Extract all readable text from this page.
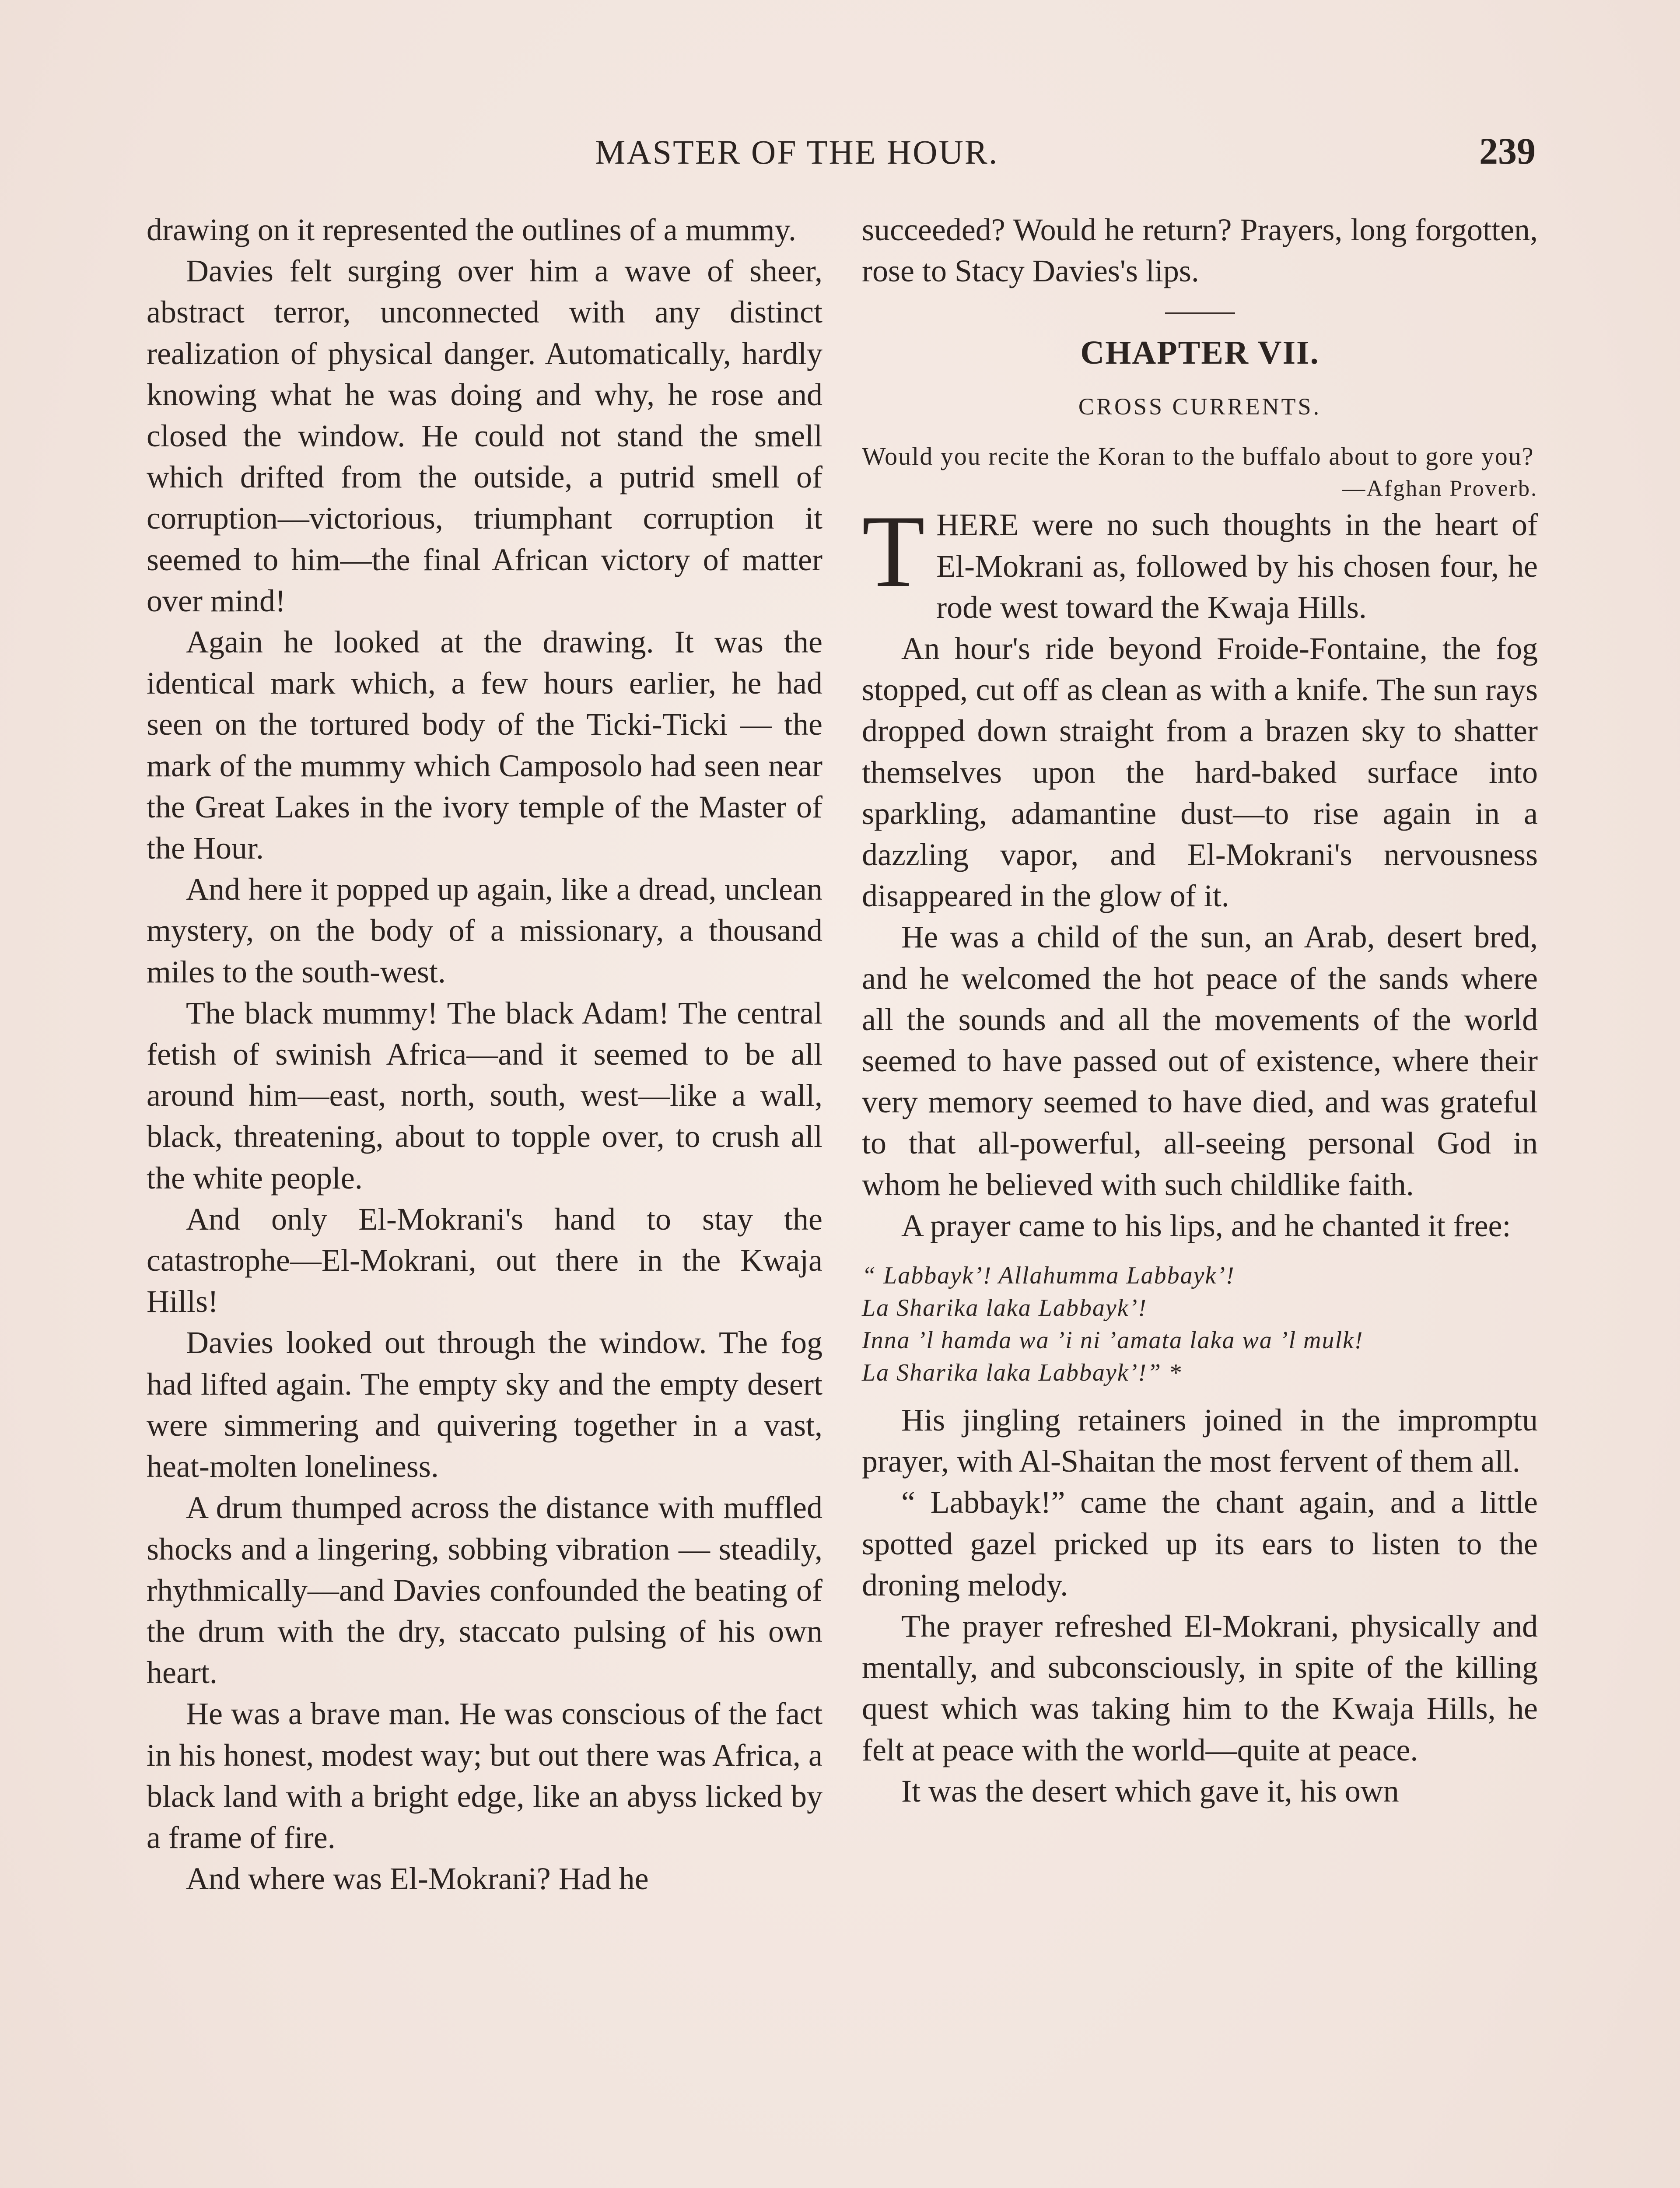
MASTER OF THE HOUR.	239

drawing on it represented the outlines of a mummy.

Davies felt surging over him a wave of sheer, abstract terror, unconnected with any distinct realization of physical danger. Automatically, hardly knowing what he was doing and why, he rose and closed the window. He could not stand the smell which drifted from the outside, a putrid smell of corruption—victorious, triumphant corruption it seemed to him—the final African victory of matter over mind!

Again he looked at the drawing. It was the identical mark which, a few hours earlier, he had seen on the tortured body of the Ticki-Ticki — the mark of the mummy which Camposolo had seen near the Great Lakes in the ivory temple of the Master of the Hour.

And here it popped up again, like a dread, unclean mystery, on the body of a missionary, a thousand miles to the south-west.

The black mummy! The black Adam! The central fetish of swinish Africa—and it seemed to be all around him—east, north, south, west—like a wall, black, threatening, about to topple over, to crush all the white people.

And only El-Mokrani's hand to stay the catastrophe—El-Mokrani, out there in the Kwaja Hills!

Davies looked out through the window. The fog had lifted again. The empty sky and the empty desert were simmering and quivering together in a vast, heat-molten loneliness.

A drum thumped across the distance with muffled shocks and a lingering, sobbing vibration — steadily, rhythmically—and Davies confounded the beating of the drum with the dry, staccato pulsing of his own heart.

He was a brave man. He was conscious of the fact in his honest, modest way; but out there was Africa, a black land with a bright edge, like an abyss licked by a frame of fire.

And where was El-Mokrani? Had he

succeeded? Would he return? Prayers, long forgotten, rose to Stacy Davies's lips.

CHAPTER VII.
CROSS CURRENTS.

Would you recite the Koran to the buffalo about to gore you?

—Afghan Proverb.

THERE were no such thoughts in the heart of El-Mokrani as, followed by his chosen four, he rode west toward the Kwaja Hills.

An hour's ride beyond Froide-Fontaine, the fog stopped, cut off as clean as with a knife. The sun rays dropped down straight from a brazen sky to shatter themselves upon the hard-baked surface into sparkling, adamantine dust—to rise again in a dazzling vapor, and El-Mokrani's nervousness disappeared in the glow of it.

He was a child of the sun, an Arab, desert bred, and he welcomed the hot peace of the sands where all the sounds and all the movements of the world seemed to have passed out of existence, where their very memory seemed to have died, and was grateful to that all-powerful, all-seeing personal God in whom he believed with such childlike faith.

A prayer came to his lips, and he chanted it free:

“ Labbayk’! Allahumma Labbayk’!
La Sharika laka Labbayk’!
Inna ’l hamda wa ’i ni ’amata laka wa ’l mulk!
La Sharika laka Labbayk’!” *

His jingling retainers joined in the impromptu prayer, with Al-Shaitan the most fervent of them all.

“ Labbayk!” came the chant again, and a little spotted gazel pricked up its ears to listen to the droning melody.

The prayer refreshed El-Mokrani, physically and mentally, and subconsciously, in spite of the killing quest which was taking him to the Kwaja Hills, he felt at peace with the world—quite at peace.

It was the desert which gave it, his own
